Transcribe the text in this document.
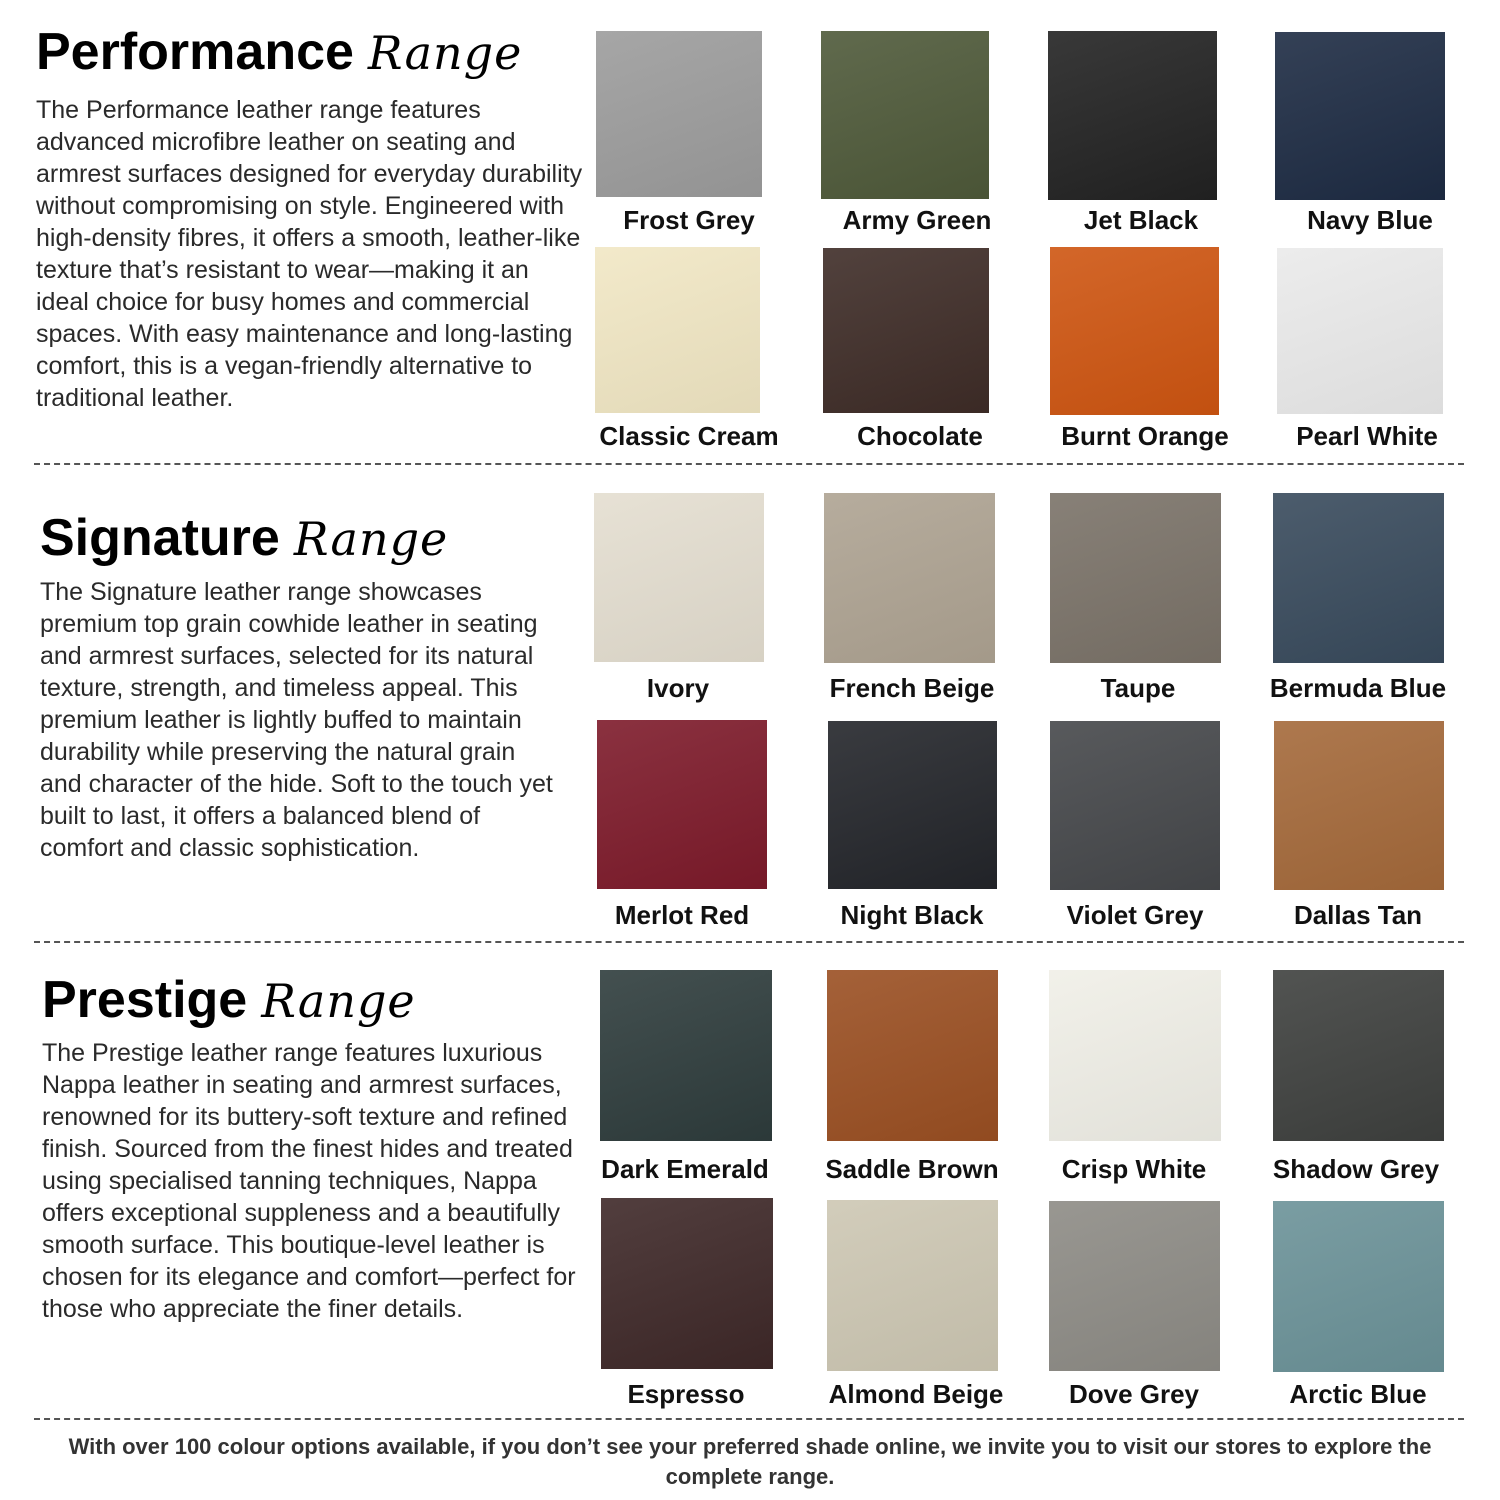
Performance Range

The Performance leather range features advanced microfibre leather on seating and armrest surfaces designed for everyday durability without compromising on style. Engineered with high-density fibres, it offers a smooth, leather-like texture that’s resistant to wear—making it an ideal choice for busy homes and commercial spaces. With easy maintenance and long-lasting comfort, this is a vegan-friendly alternative to traditional leather.

Frost Grey	Army Green	Jet Black	Navy Blue
Classic Cream	Chocolate	Burnt Orange	Pearl White
Signature Range

The Signature leather range showcases premium top grain cowhide leather in seating and armrest surfaces, selected for its natural texture, strength, and timeless appeal. This premium leather is lightly buffed to maintain durability while preserving the natural grain and character of the hide. Soft to the touch yet built to last, it offers a balanced blend of comfort and classic sophistication.

Ivory	French Beige	Taupe	Bermuda Blue
Merlot Red	Night Black	Violet Grey	Dallas Tan
Prestige Range

The Prestige leather range features luxurious Nappa leather in seating and armrest surfaces, renowned for its buttery-soft texture and refined finish. Sourced from the finest hides and treated using specialised tanning techniques, Nappa offers exceptional suppleness and a beautifully smooth surface. This boutique-level leather is chosen for its elegance and comfort—perfect for those who appreciate the finer details.

Dark Emerald	Saddle Brown	Crisp White	Shadow Grey
Espresso	Almond Beige	Dove Grey	Arctic Blue
With over 100 colour options available, if you don’t see your preferred shade online, we invite you to visit our stores to explore the complete range.
